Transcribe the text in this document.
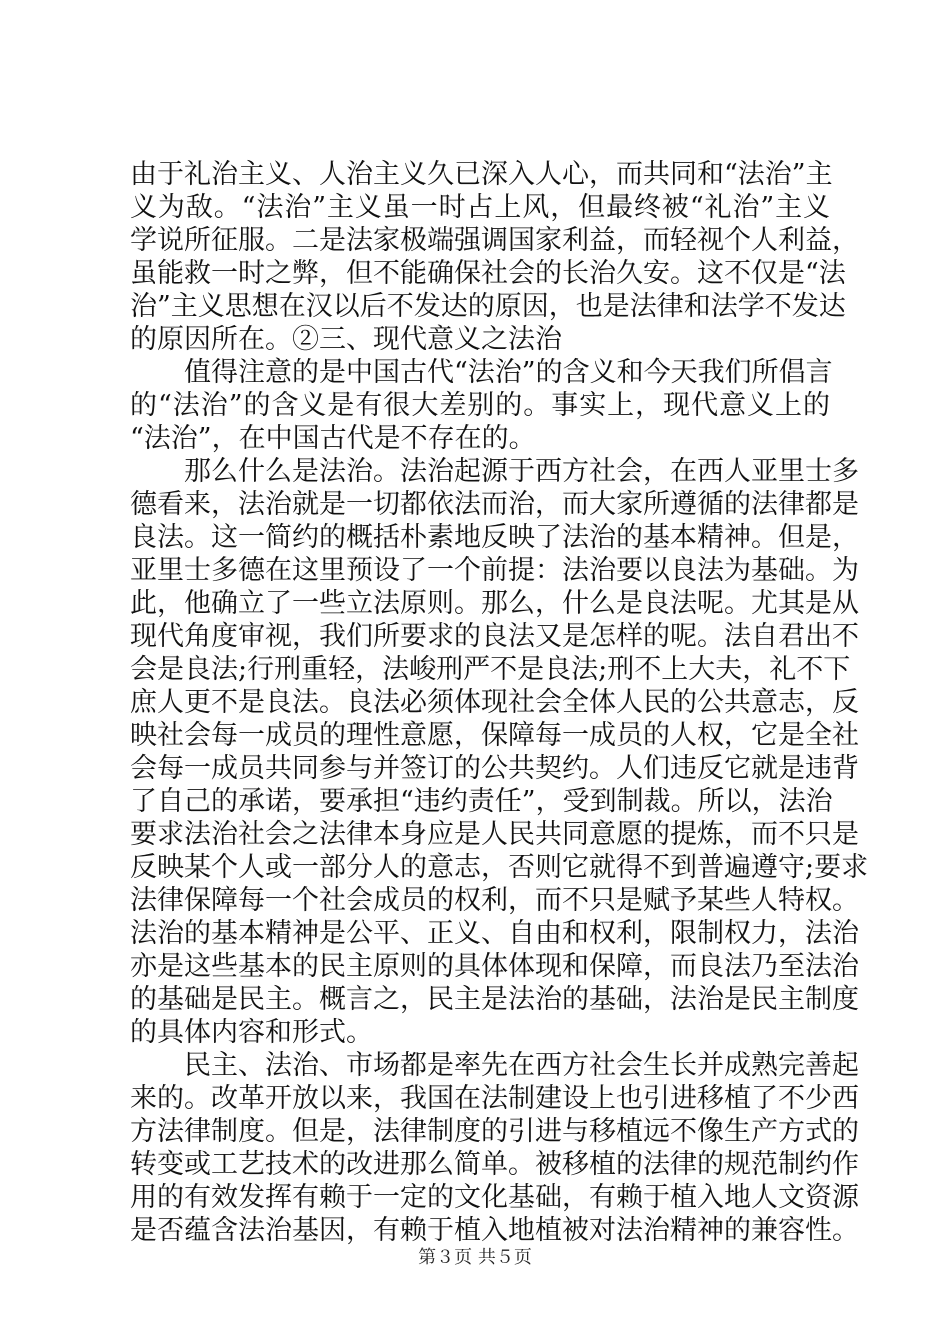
由于礼治主义、人治主义久已深入人心，而共同和“法治”主
义为敌。“法治”主义虽一时占上风，但最终被“礼治”主义
学说所征服。二是法家极端强调国家利益，而轻视个人利益，
虽能救一时之弊，但不能确保社会的长治久安。这不仅是“法
治”主义思想在汉以后不发达的原因，也是法律和法学不发达
的原因所在。②三、现代意义之法治
　　值得注意的是中国古代“法治”的含义和今天我们所倡言
的“法治”的含义是有很大差别的。事实上，现代意义上的
“法治”，在中国古代是不存在的。
　　那么什么是法治。法治起源于西方社会，在西人亚里士多
德看来，法治就是一切都依法而治，而大家所遵循的法律都是
良法。这一简约的概括朴素地反映了法治的基本精神。但是，
亚里士多德在这里预设了一个前提：法治要以良法为基础。为
此，他确立了一些立法原则。那么，什么是良法呢。尤其是从
现代角度审视，我们所要求的良法又是怎样的呢。法自君出不
会是良法;行刑重轻，法峻刑严不是良法;刑不上大夫，礼不下
庶人更不是良法。良法必须体现社会全体人民的公共意志，反
映社会每一成员的理性意愿，保障每一成员的人权，它是全社
会每一成员共同参与并签订的公共契约。人们违反它就是违背
了自己的承诺，要承担“违约责任”，受到制裁。所以，法治
要求法治社会之法律本身应是人民共同意愿的提炼，而不只是
反映某个人或一部分人的意志，否则它就得不到普遍遵守;要求
法律保障每一个社会成员的权利，而不只是赋予某些人特权。
法治的基本精神是公平、正义、自由和权利，限制权力，法治
亦是这些基本的民主原则的具体体现和保障，而良法乃至法治
的基础是民主。概言之，民主是法治的基础，法治是民主制度
的具体内容和形式。
　　民主、法治、市场都是率先在西方社会生长并成熟完善起
来的。改革开放以来，我国在法制建设上也引进移植了不少西
方法律制度。但是，法律制度的引进与移植远不像生产方式的
转变或工艺技术的改进那么简单。被移植的法律的规范制约作
用的有效发挥有赖于一定的文化基础，有赖于植入地人文资源
是否蕴含法治基因，有赖于植入地植被对法治精神的兼容性。
第３页 共５页
